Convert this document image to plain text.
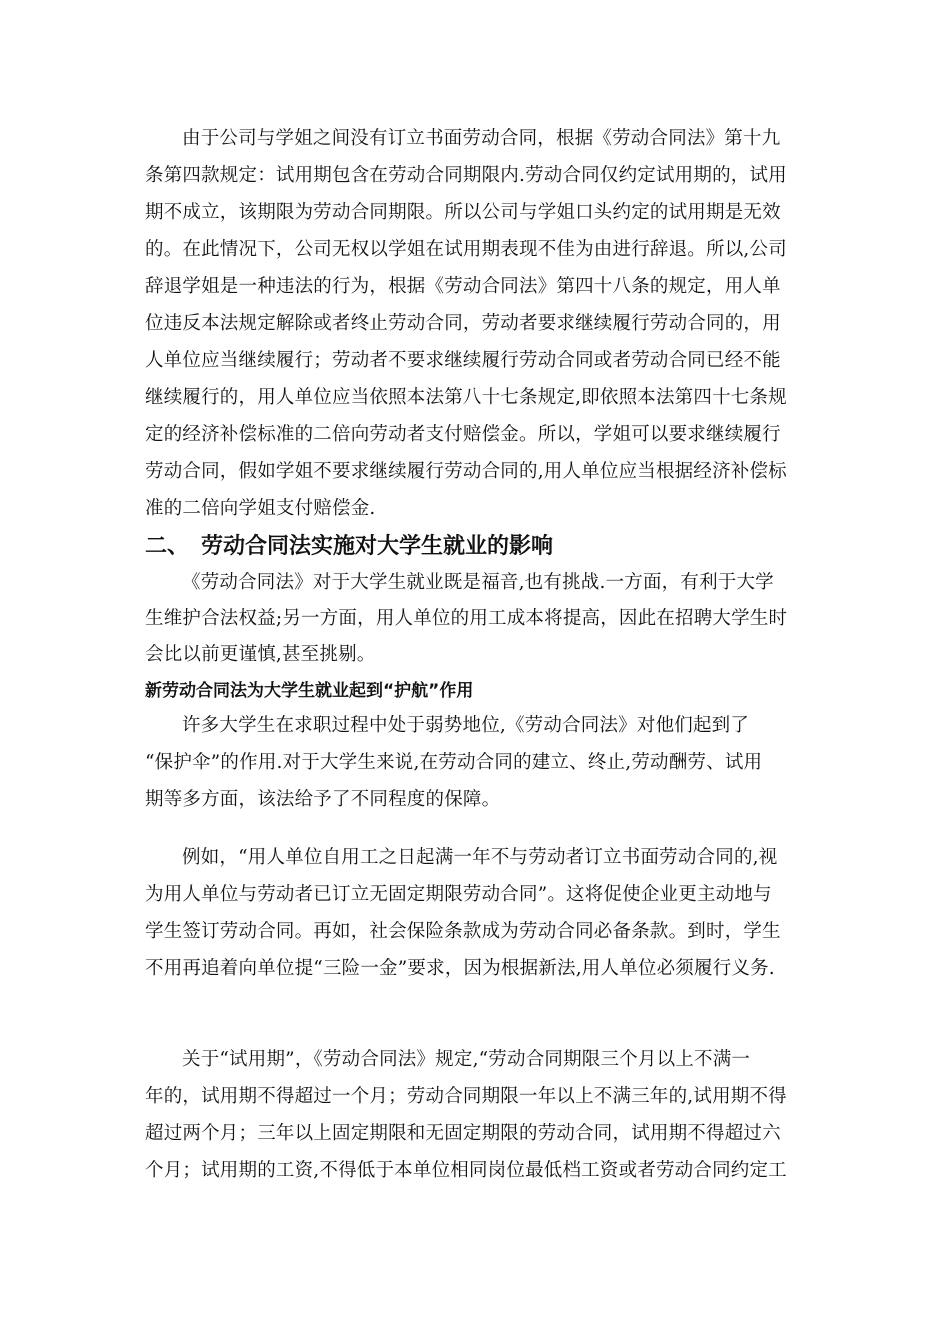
由于公司与学姐之间没有订立书面劳动合同，根据《劳动合同法》第十九
条第四款规定：试用期包含在劳动合同期限内.劳动合同仅约定试用期的，试用
期不成立，该期限为劳动合同期限。所以公司与学姐口头约定的试用期是无效
的。在此情况下，公司无权以学姐在试用期表现不佳为由进行辞退。所以,公司
辞退学姐是一种违法的行为，根据《劳动合同法》第四十八条的规定，用人单
位违反本法规定解除或者终止劳动合同，劳动者要求继续履行劳动合同的，用
人单位应当继续履行；劳动者不要求继续履行劳动合同或者劳动合同已经不能
继续履行的，用人单位应当依照本法第八十七条规定,即依照本法第四十七条规
定的经济补偿标准的二倍向劳动者支付赔偿金。所以，学姐可以要求继续履行
劳动合同，假如学姐不要求继续履行劳动合同的,用人单位应当根据经济补偿标
准的二倍向学姐支付赔偿金.
二、 劳动合同法实施对大学生就业的影响
《劳动合同法》对于大学生就业既是福音,也有挑战.一方面，有利于大学
生维护合法权益;另一方面，用人单位的用工成本将提高，因此在招聘大学生时
会比以前更谨慎,甚至挑剔。
新劳动合同法为大学生就业起到“护航”作用
许多大学生在求职过程中处于弱势地位,《劳动合同法》对他们起到了
“保护伞”的作用.对于大学生来说,在劳动合同的建立、终止,劳动酬劳、试用
期等多方面，该法给予了不同程度的保障。
例如，“用人单位自用工之日起满一年不与劳动者订立书面劳动合同的,视
为用人单位与劳动者已订立无固定期限劳动合同”。这将促使企业更主动地与
学生签订劳动合同。再如，社会保险条款成为劳动合同必备条款。到时，学生
不用再追着向单位提“三险一金”要求，因为根据新法,用人单位必须履行义务.
关于“试用期”，《劳动合同法》规定,“劳动合同期限三个月以上不满一
年的，试用期不得超过一个月；劳动合同期限一年以上不满三年的,试用期不得
超过两个月；三年以上固定期限和无固定期限的劳动合同，试用期不得超过六
个月；试用期的工资,不得低于本单位相同岗位最低档工资或者劳动合同约定工
